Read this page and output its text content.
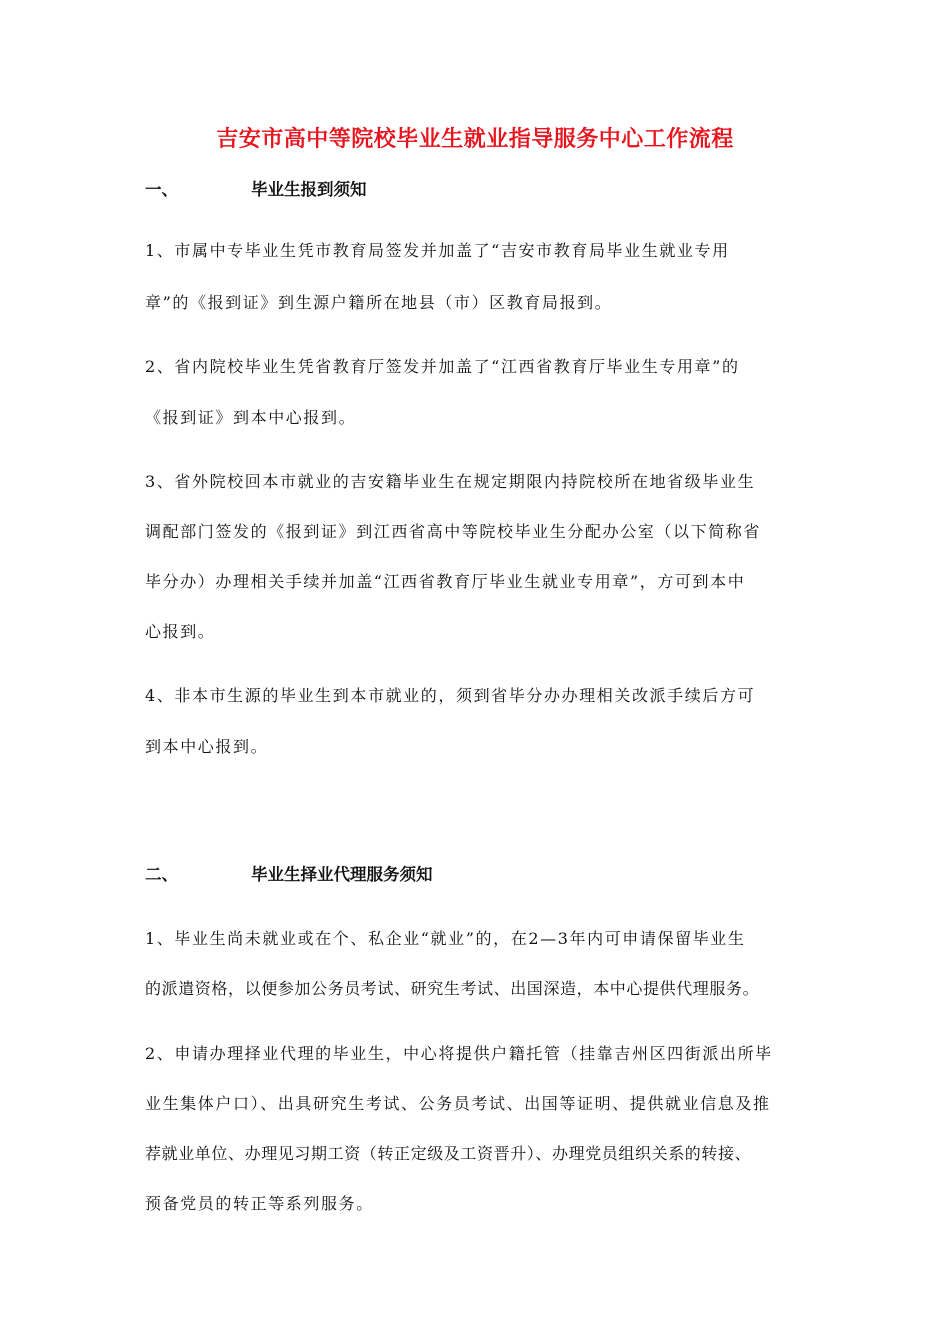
吉安市高中等院校毕业生就业指导服务中心工作流程
一、	毕业生报到须知
1、市属中专毕业生凭市教育局签发并加盖了“吉安市教育局毕业生就业专用
章”的《报到证》到生源户籍所在地县（市）区教育局报到。
2、省内院校毕业生凭省教育厅签发并加盖了“江西省教育厅毕业生专用章”的
《报到证》到本中心报到。
3、省外院校回本市就业的吉安籍毕业生在规定期限内持院校所在地省级毕业生
调配部门签发的《报到证》到江西省高中等院校毕业生分配办公室（以下简称省
毕分办）办理相关手续并加盖“江西省教育厅毕业生就业专用章”，方可到本中
心报到。
4、非本市生源的毕业生到本市就业的，须到省毕分办办理相关改派手续后方可
到本中心报到。
二、	毕业生择业代理服务须知
1、毕业生尚未就业或在个、私企业“就业”的，在2—3年内可申请保留毕业生
的派遣资格，以便参加公务员考试、研究生考试、出国深造，本中心提供代理服务。
2、申请办理择业代理的毕业生，中心将提供户籍托管（挂靠吉州区四街派出所毕
业生集体户口）、出具研究生考试、公务员考试、出国等证明、提供就业信息及推
荐就业单位、办理见习期工资（转正定级及工资晋升）、办理党员组织关系的转接、
预备党员的转正等系列服务。
